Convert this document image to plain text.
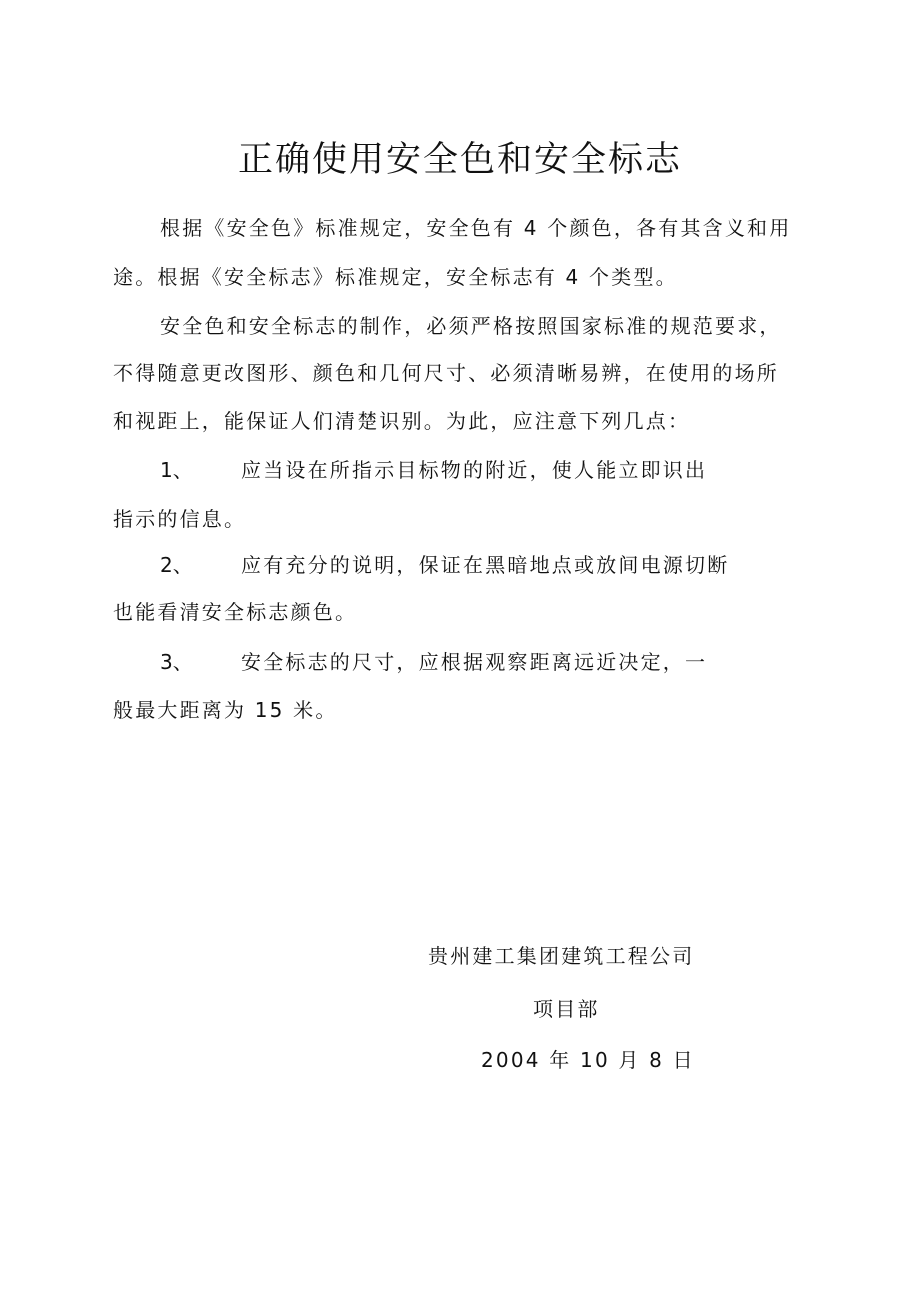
正确使用安全色和安全标志
根据《安全色》标准规定，安全色有 4 个颜色，各有其含义和用
途。根据《安全标志》标准规定，安全标志有 4 个类型。
安全色和安全标志的制作，必须严格按照国家标准的规范要求，
不得随意更改图形、颜色和几何尺寸、必须清晰易辨，在使用的场所
和视距上，能保证人们清楚识别。为此，应注意下列几点：
1、 应当设在所指示目标物的附近，使人能立即识出
指示的信息。
2、 应有充分的说明，保证在黑暗地点或放间电源切断
也能看清安全标志颜色。
3、 安全标志的尺寸，应根据观察距离远近决定，一
般最大距离为 15 米。
贵州建工集团建筑工程公司
项目部
2004 年 10 月 8 日
